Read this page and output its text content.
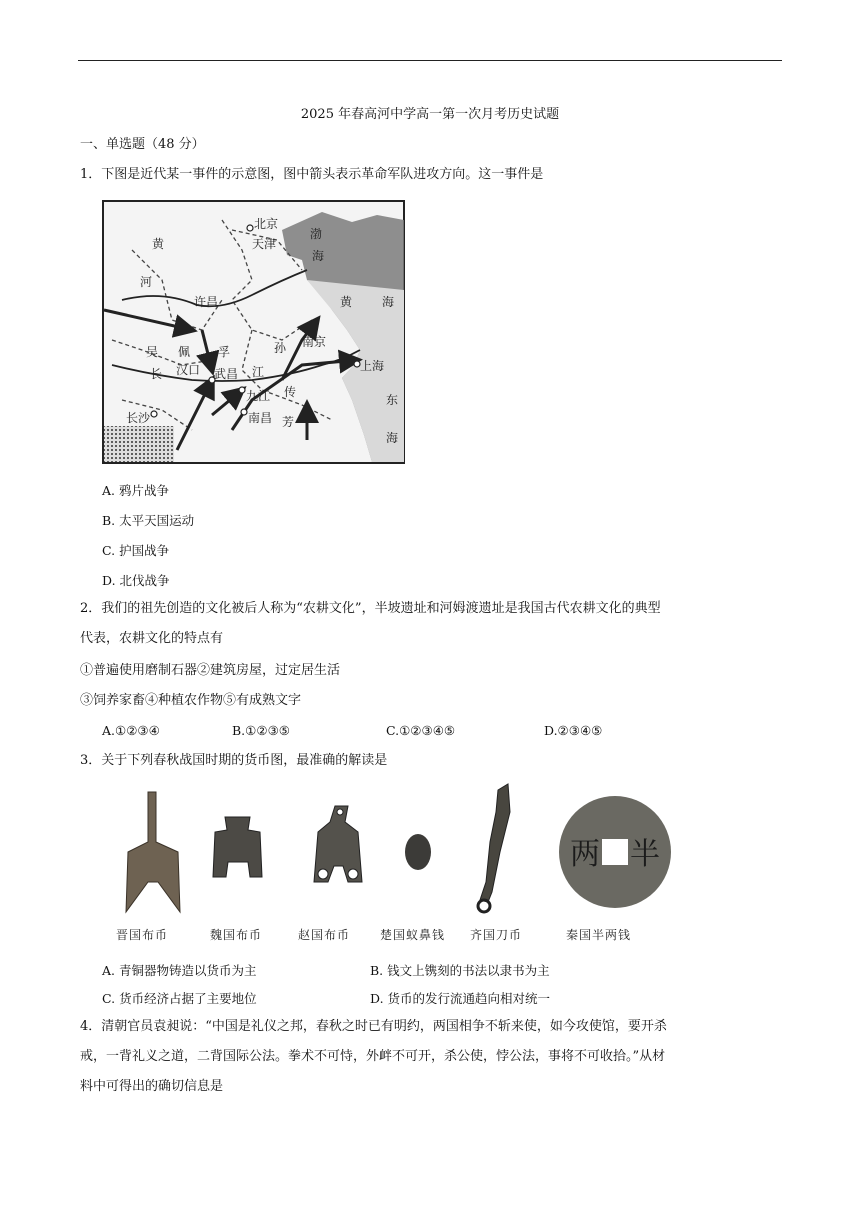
2025 年春高河中学高一第一次月考历史试题
一、单选题（48 分）
1．下图是近代某一事件的示意图，图中箭头表示革命军队进攻方向。这一事件是
北京
天津
渤
海
黄
河
黄 海
许昌
吴 佩 孚	孙 南京
上海
长 汉口 武昌 江
传
九江
长沙	南昌 芳
东
海
A. 鸦片战争
B. 太平天国运动
C. 护国战争
D. 北伐战争
2．我们的祖先创造的文化被后人称为“农耕文化”，半坡遗址和河姆渡遗址是我国古代农耕文化的典型
代表，农耕文化的特点有
①普遍使用磨制石器②建筑房屋，过定居生活
③饲养家畜④种植农作物⑤有成熟文字
A.①②③④	B.①②③⑤	C.①②③④⑤	D.②③④⑤
3．关于下列春秋战国时期的货币图，最准确的解读是
两 半
晋国布币	魏国布币	赵国布币 楚国蚁鼻钱 齐国刀币	秦国半两钱
A. 青铜器物铸造以货币为主	B. 钱文上镌刻的书法以隶书为主
C. 货币经济占据了主要地位	D. 货币的发行流通趋向相对统一
4．清朝官员袁昶说：“中国是礼仪之邦，春秋之时已有明约，两国相争不斩来使，如今攻使馆，要开杀
戒，一背礼义之道，二背国际公法。拳术不可恃，外衅不可开，杀公使，悖公法，事将不可收拾。”从材
料中可得出的确切信息是
